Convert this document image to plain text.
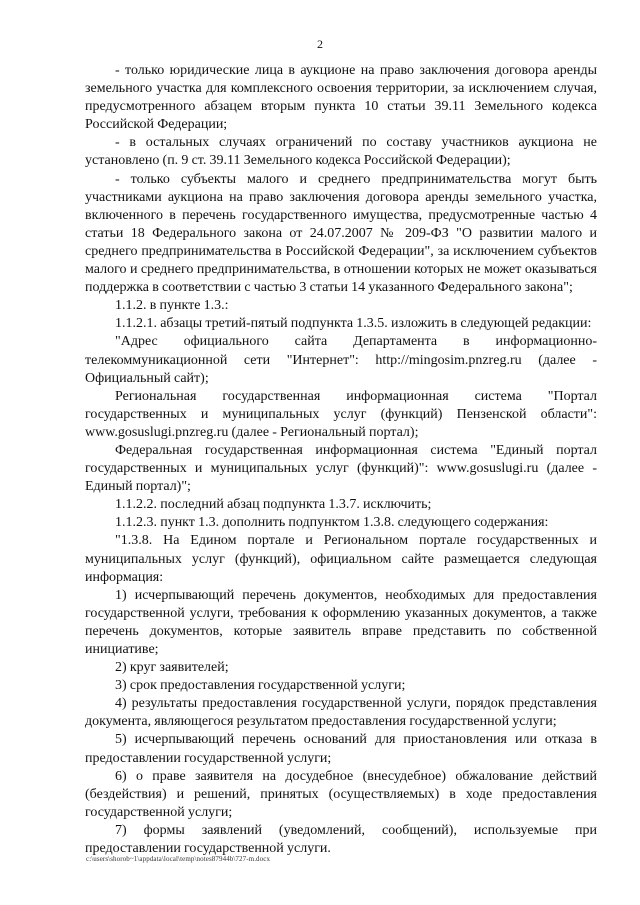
2

- только юридические лица в аукционе на право заключения договора аренды земельного участка для комплексного освоения территории, за исключением случая, предусмотренного абзацем вторым пункта 10 статьи 39.11 Земельного кодекса Российской Федерации;

- в остальных случаях ограничений по составу участников аукциона не установлено (п. 9 ст. 39.11 Земельного кодекса Российской Федерации);

- только субъекты малого и среднего предпринимательства могут быть участниками аукциона на право заключения договора аренды земельного участка, включенного в перечень государственного имущества, предусмотренные частью 4 статьи 18 Федерального закона от 24.07.2007 № 209-ФЗ "О развитии малого и среднего предпринимательства в Российской Федерации", за исключением субъектов малого и среднего предпринимательства, в отношении которых не может оказываться поддержка в соответствии с частью 3 статьи 14 указанного Федерального закона";

1.1.2. в пункте 1.3.:

1.1.2.1. абзацы третий-пятый подпункта 1.3.5. изложить в следующей редакции:

"Адрес официального сайта Департамента в информационно-телекоммуникационной сети "Интернет": http://mingosim.pnzreg.ru (далее - Официальный сайт);

Региональная государственная информационная система "Портал государственных и муниципальных услуг (функций) Пензенской области": www.gosuslugi.pnzreg.ru (далее - Региональный портал);

Федеральная государственная информационная система "Единый портал государственных и муниципальных услуг (функций)": www.gosuslugi.ru (далее - Единый портал)";

1.1.2.2. последний абзац подпункта 1.3.7. исключить;

1.1.2.3. пункт 1.3. дополнить подпунктом 1.3.8. следующего содержания:

"1.3.8. На Едином портале и Региональном портале государственных и муниципальных услуг (функций), официальном сайте размещается следующая информация:

1) исчерпывающий перечень документов, необходимых для предоставления государственной услуги, требования к оформлению указанных документов, а также перечень документов, которые заявитель вправе представить по собственной инициативе;

2) круг заявителей;

3) срок предоставления государственной услуги;

4) результаты предоставления государственной услуги, порядок представления документа, являющегося результатом предоставления государственной услуги;

5) исчерпывающий перечень оснований для приостановления или отказа в предоставлении государственной услуги;

6) о праве заявителя на досудебное (внесудебное) обжалование действий (бездействия) и решений, принятых (осуществляемых) в ходе предоставления государственной услуги;

7) формы заявлений (уведомлений, сообщений), используемые при предоставлении государственной услуги.

c:\users\shorob~1\appdata\local\temp\notes87944b\727-m.docx
